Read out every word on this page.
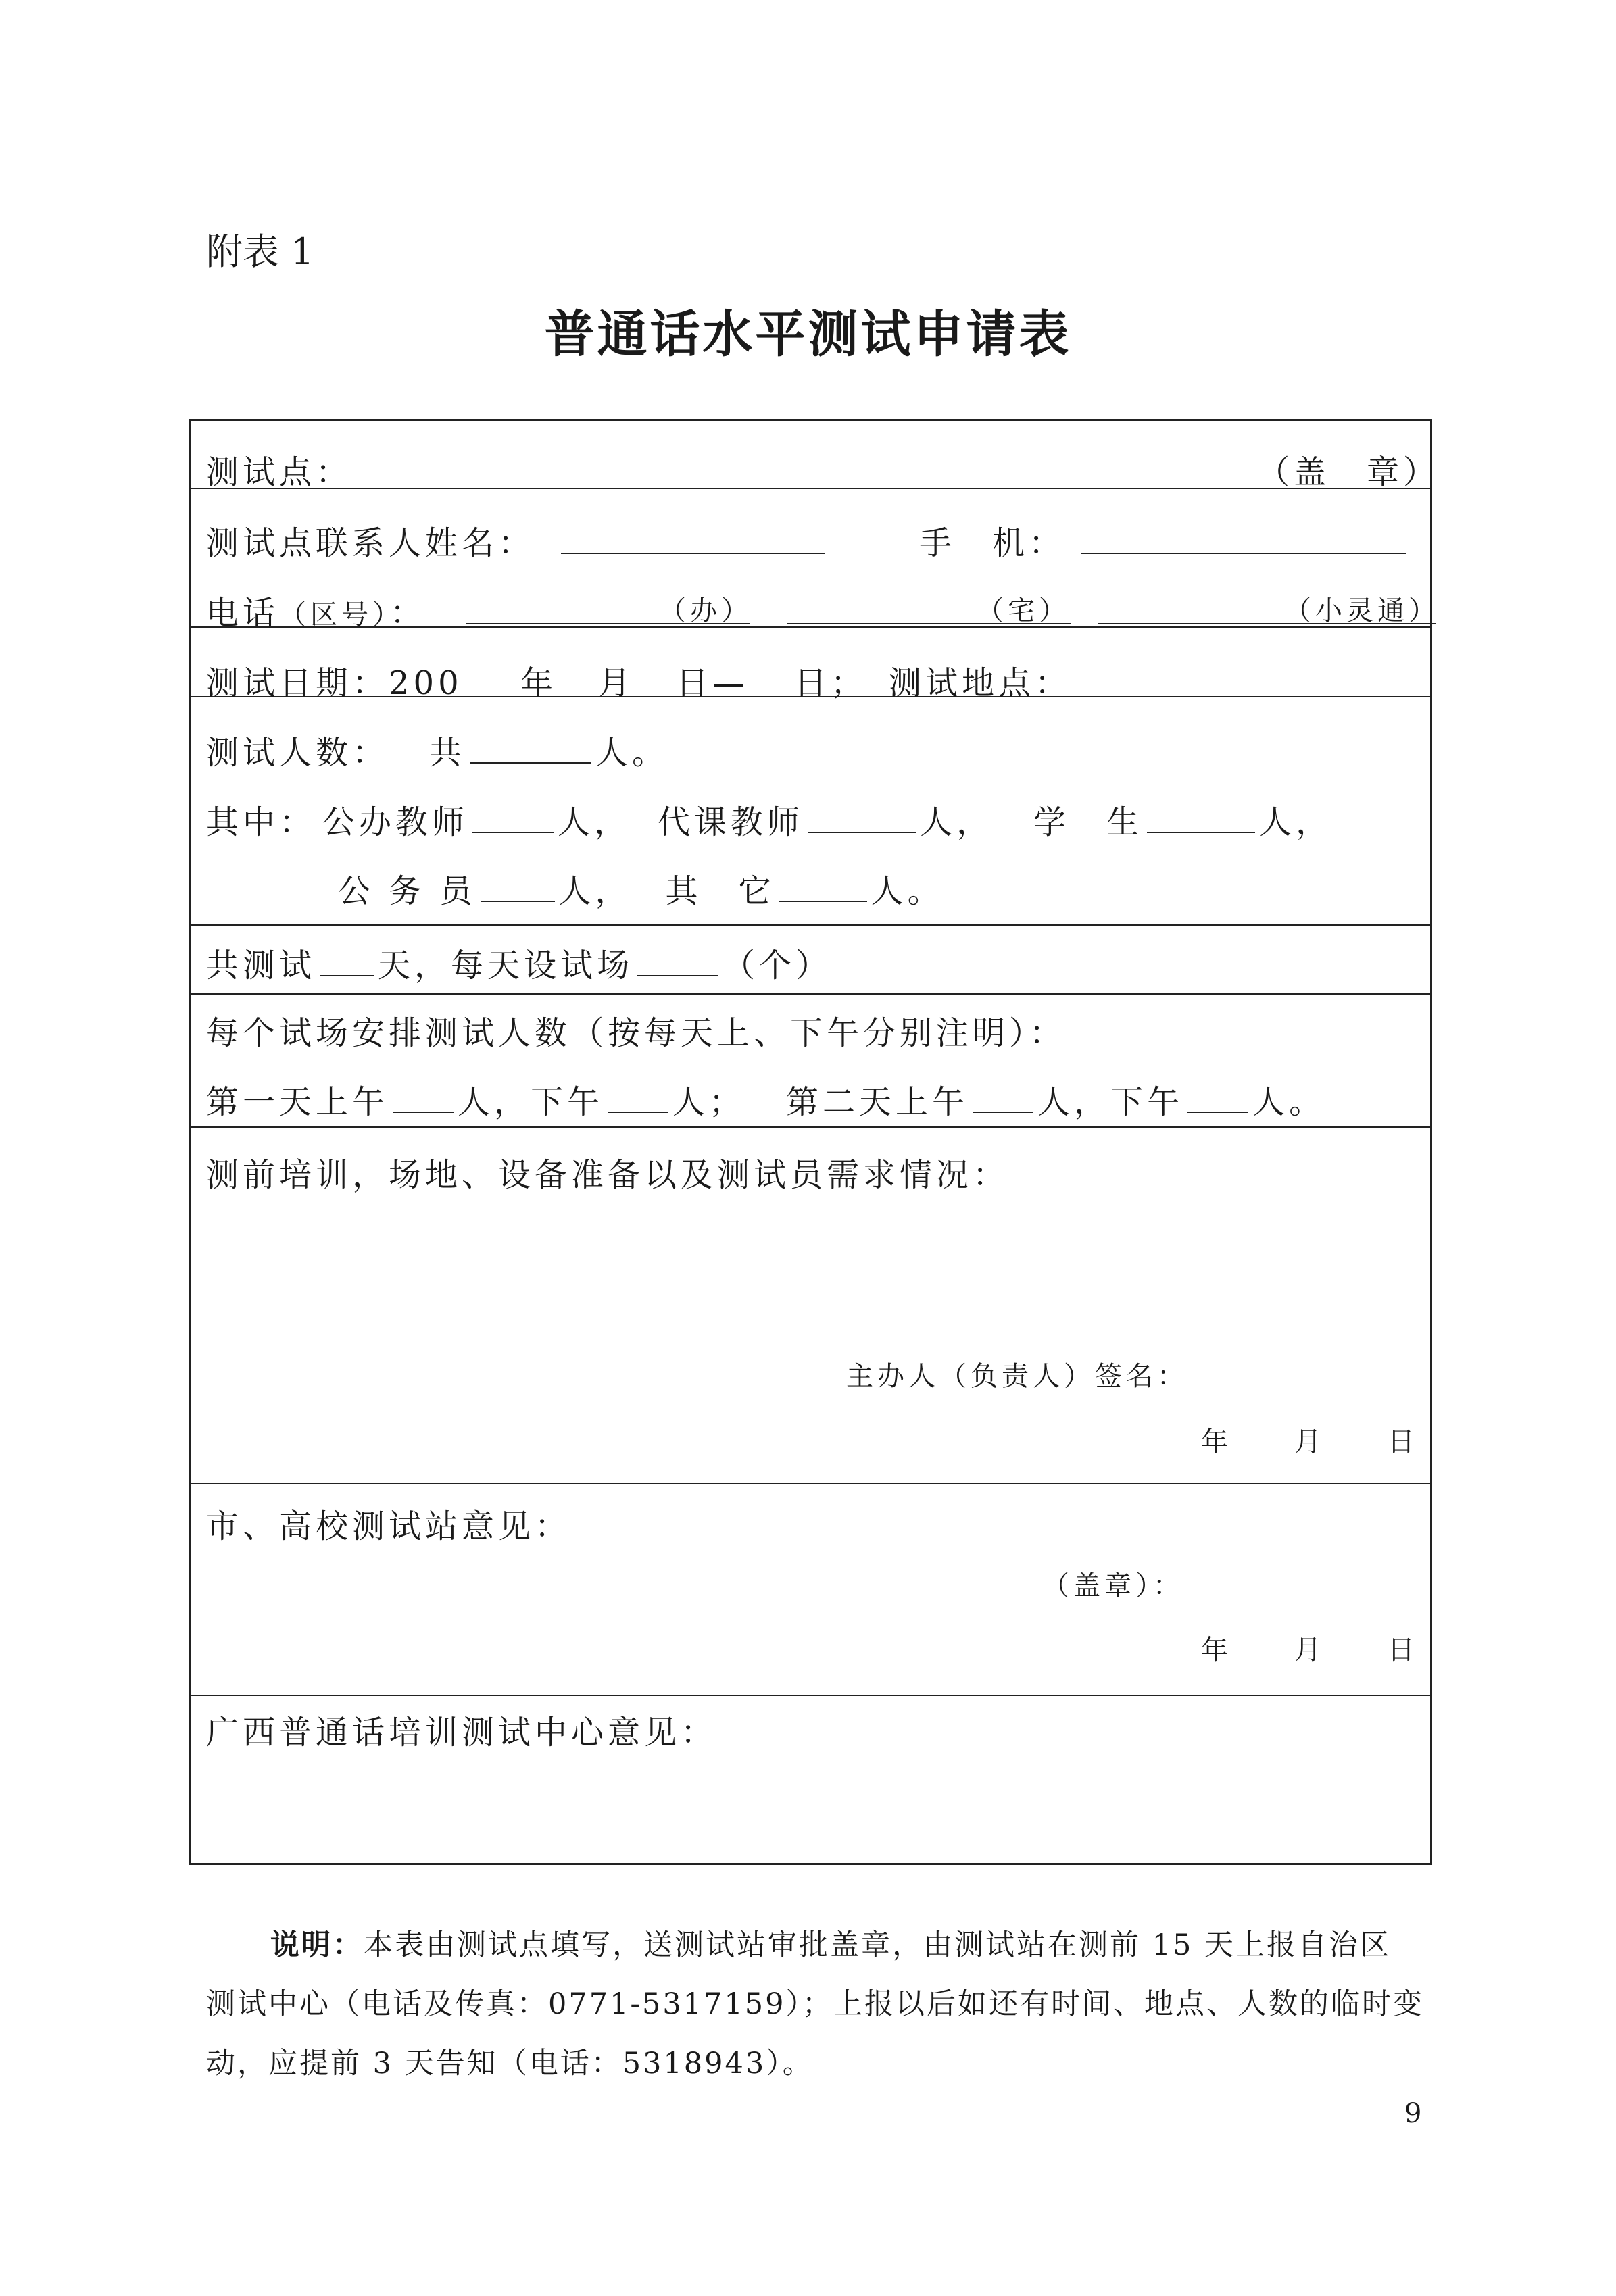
附表 1
普通话水平测试申请表
测试点：	（盖　章）
测试点联系人姓名：	手　机：
电话（区号）：	（办）	（宅）	（小灵通）
测试日期：200 年 月 日— 日； 测试地点：
测试人数： 共	人。
其中： 公办教师	人， 代课教师	人， 学　生	人，
公 务 员	人， 其　它	人。
共测试 天，每天设试场	（个）
每个试场安排测试人数（按每天上、下午分别注明）：
第一天上午 人，下午 人； 第二天上午 人，下午 人。
测前培训，场地、设备准备以及测试员需求情况：
主办人（负责人）签名：
年　　月　　日
市、高校测试站意见：
（盖章）：
年　　月　　日
广西普通话培训测试中心意见：
说明：本表由测试点填写，送测试站审批盖章，由测试站在测前 15 天上报自治区
测试中心（电话及传真：0771-5317159）；上报以后如还有时间、地点、人数的临时变
动，应提前 3 天告知（电话：5318943）。
9
